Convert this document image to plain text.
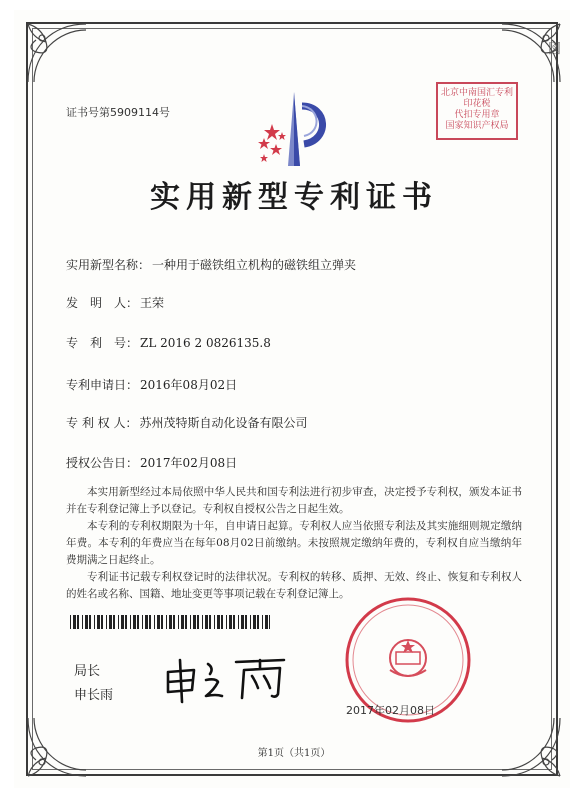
図
证书号第5909114号
北京中南国汇专利
印花税
代扣专用章
国家知识产权局
实用新型专利证书
实用新型名称： 一种用于磁铁组立机构的磁铁组立弹夹
发　明　人： 王荣
专　利　号： ZL 2016 2 0826135.8
专利申请日： 2016年08月02日
专 利 权 人： 苏州茂特斯自动化设备有限公司
授权公告日： 2017年02月08日

本实用新型经过本局依照中华人民共和国专利法进行初步审查，决定授予专利权，颁发本证书并在专利登记簿上予以登记。专利权自授权公告之日起生效。

本专利的专利权期限为十年，自申请日起算。专利权人应当依照专利法及其实施细则规定缴纳年费。本专利的年费应当在每年08月02日前缴纳。未按照规定缴纳年费的，专利权自应当缴纳年费期满之日起终止。

专利证书记载专利权登记时的法律状况。专利权的转移、质押、无效、终止、恢复和专利权人的姓名或名称、国籍、地址变更等事项记载在专利登记簿上。

局长
申长雨
2017年02月08日
第1页（共1页）
